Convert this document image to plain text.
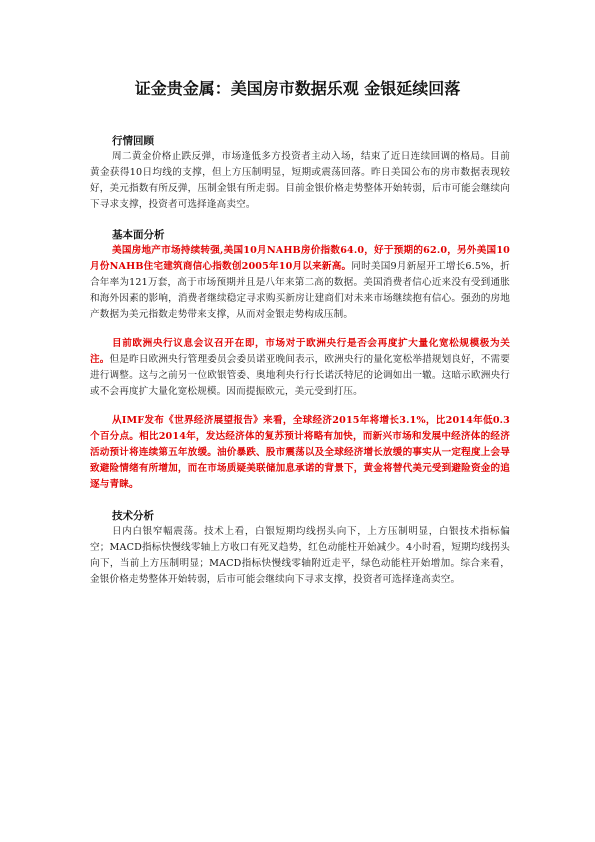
证金贵金属：美国房市数据乐观 金银延续回落

行情回顾

周二黄金价格止跌反弹，市场逢低多方投资者主动入场，结束了近日连续回调的格局。目前黄金获得10日均线的支撑，但上方压制明显，短期或震荡回落。昨日美国公布的房市数据表现较好，美元指数有所反弹，压制金银有所走弱。目前金银价格走势整体开始转弱，后市可能会继续向下寻求支撑，投资者可选择逢高卖空。

基本面分析

美国房地产市场持续转强,美国10月NAHB房价指数64.0，好于预期的62.0，另外美国10月份NAHB住宅建筑商信心指数创2005年10月以来新高。同时美国9月新屋开工增长6.5%，折合年率为121万套，高于市场预期并且是八年来第二高的数据。美国消费者信心近来没有受到通胀和海外因素的影响，消费者继续稳定寻求购买新房让建商们对未来市场继续抱有信心。强劲的房地产数据为美元指数走势带来支撑，从而对金银走势构成压制。

目前欧洲央行议息会议召开在即，市场对于欧洲央行是否会再度扩大量化宽松规模极为关注。但是昨日欧洲央行管理委员会委员诺亚晚间表示，欧洲央行的量化宽松举措规划良好，不需要进行调整。这与之前另一位欧银管委、奥地利央行行长诺沃特尼的论调如出一辙。这暗示欧洲央行或不会再度扩大量化宽松规模。因而提振欧元，美元受到打压。

从IMF发布《世界经济展望报告》来看，全球经济2015年将增长3.1%，比2014年低0.3个百分点。相比2014年，发达经济体的复苏预计将略有加快，而新兴市场和发展中经济体的经济活动预计将连续第五年放缓。油价暴跌、股市震荡以及全球经济增长放缓的事实从一定程度上会导致避险情绪有所增加，而在市场质疑美联储加息承诺的背景下，黄金将替代美元受到避险资金的追逐与青睐。

技术分析

日内白银窄幅震荡。技术上看，白银短期均线拐头向下，上方压制明显，白银技术指标偏空；MACD指标快慢线零轴上方收口有死叉趋势，红色动能柱开始减少。4小时看，短期均线拐头向下，当前上方压制明显；MACD指标快慢线零轴附近走平，绿色动能柱开始增加。综合来看，金银价格走势整体开始转弱，后市可能会继续向下寻求支撑，投资者可选择逢高卖空。
